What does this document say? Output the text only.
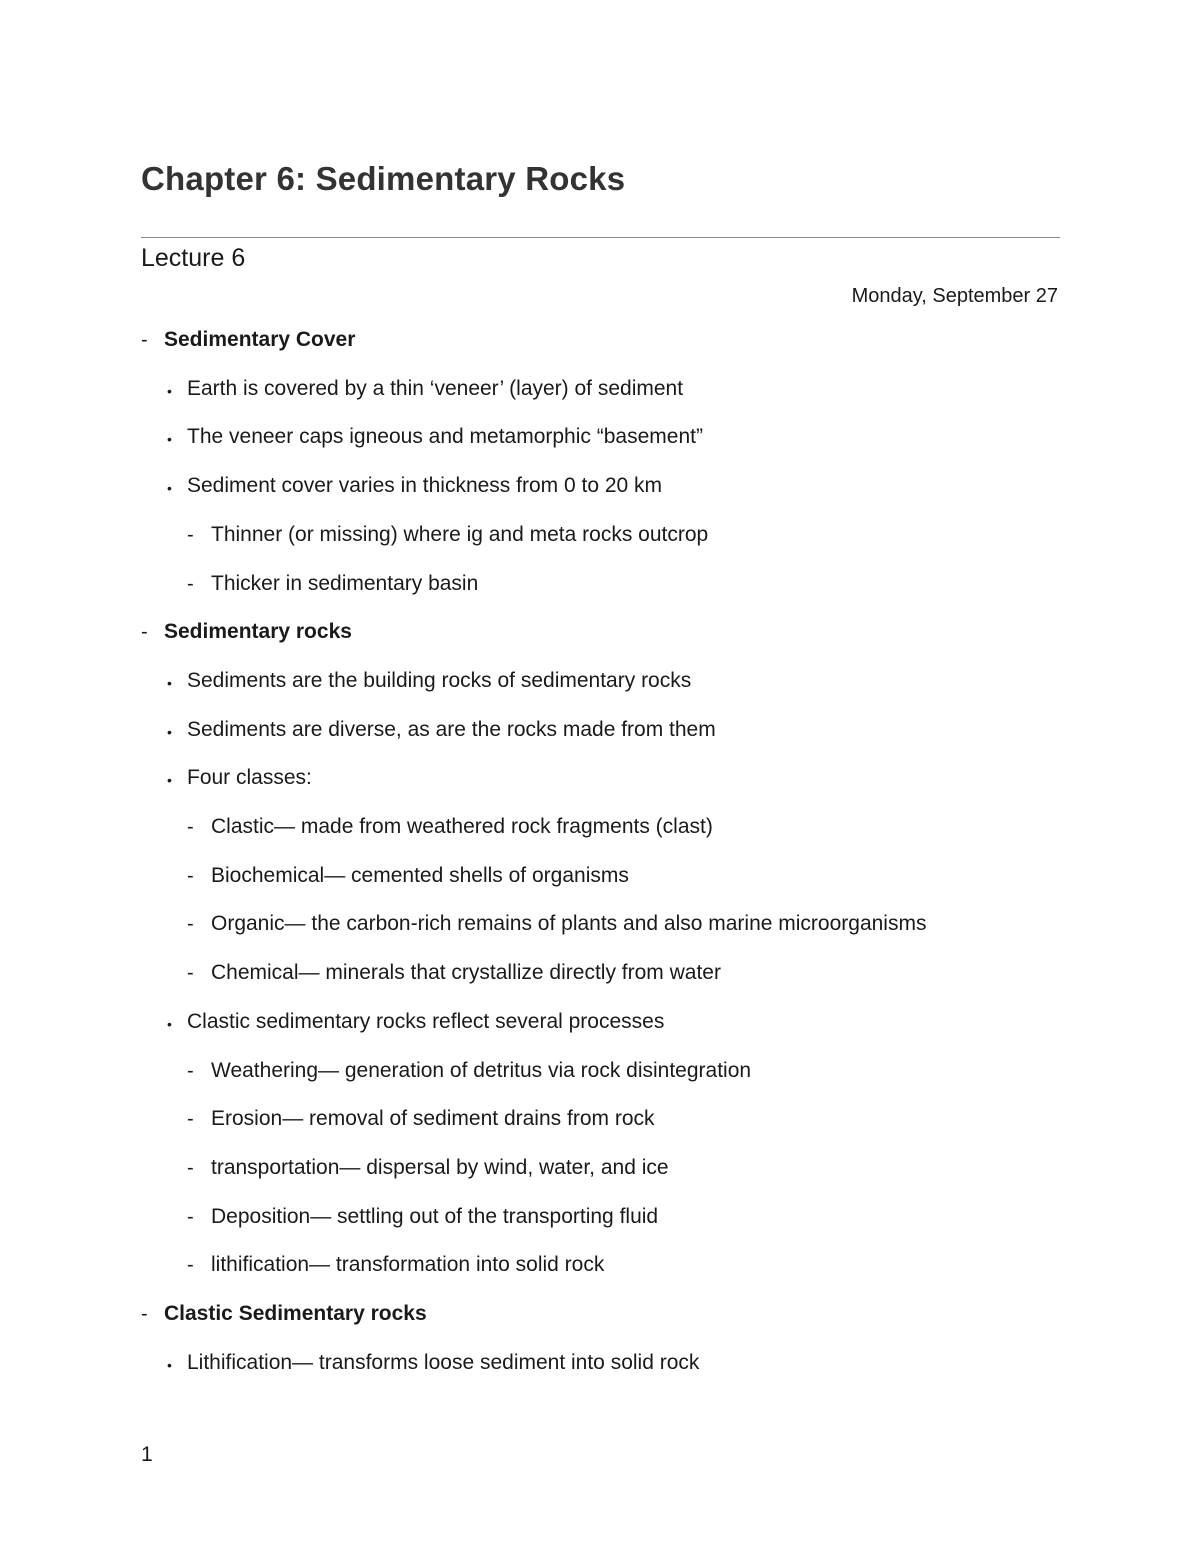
Chapter 6: Sedimentary Rocks
Lecture 6
Monday, September 27
- Sedimentary Cover
• Earth is covered by a thin ‘veneer’ (layer) of sediment
• The veneer caps igneous and metamorphic “basement”
• Sediment cover varies in thickness from 0 to 20 km
- Thinner (or missing) where ig and meta rocks outcrop
- Thicker in sedimentary basin
- Sedimentary rocks
• Sediments are the building rocks of sedimentary rocks
• Sediments are diverse, as are the rocks made from them
• Four classes:
- Clastic— made from weathered rock fragments (clast)
- Biochemical— cemented shells of organisms
- Organic— the carbon-rich remains of plants and also marine microorganisms
- Chemical— minerals that crystallize directly from water
• Clastic sedimentary rocks reflect several processes
- Weathering— generation of detritus via rock disintegration
- Erosion— removal of sediment drains from rock
- transportation— dispersal by wind, water, and ice
- Deposition— settling out of the transporting fluid
- lithification— transformation into solid rock
- Clastic Sedimentary rocks
• Lithification— transforms loose sediment into solid rock
1
